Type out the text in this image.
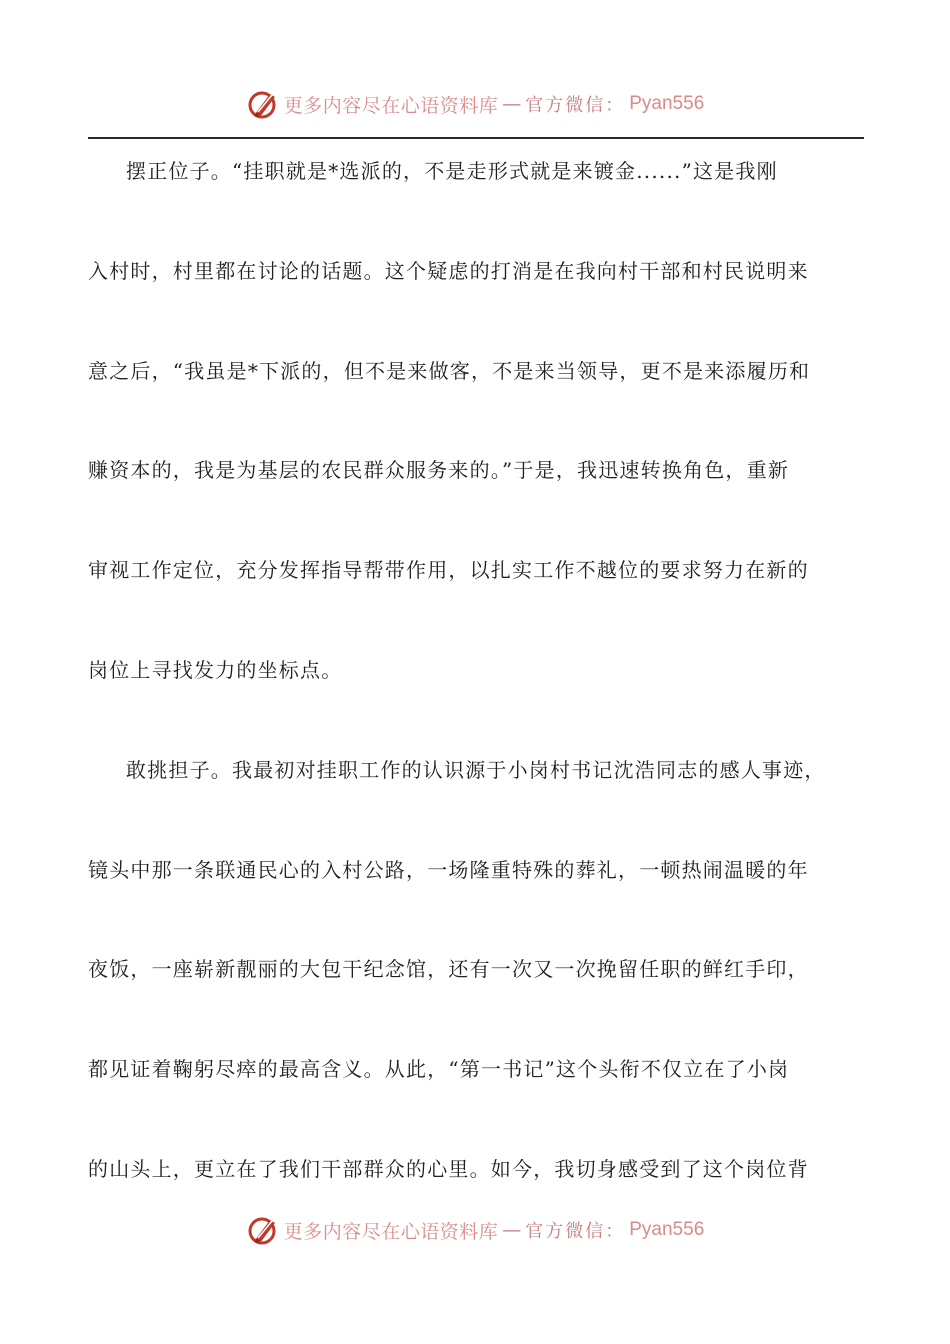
更多内容尽在心语资料库 — 官方微信： Pyan556
摆正位子。“挂职就是*选派的，不是走形式就是来镀金......”这是我刚
入村时，村里都在讨论的话题。这个疑虑的打消是在我向村干部和村民说明来
意之后，“我虽是*下派的，但不是来做客，不是来当领导，更不是来添履历和
赚资本的，我是为基层的农民群众服务来的。”于是，我迅速转换角色，重新
审视工作定位，充分发挥指导帮带作用，以扎实工作不越位的要求努力在新的
岗位上寻找发力的坐标点。
敢挑担子。我最初对挂职工作的认识源于小岗村书记沈浩同志的感人事迹，
镜头中那一条联通民心的入村公路，一场隆重特殊的葬礼，一顿热闹温暖的年
夜饭，一座崭新靓丽的大包干纪念馆，还有一次又一次挽留任职的鲜红手印，
都见证着鞠躬尽瘁的最高含义。从此，“第一书记”这个头衔不仅立在了小岗
的山头上，更立在了我们干部群众的心里。如今，我切身感受到了这个岗位背
更多内容尽在心语资料库 — 官方微信： Pyan556
